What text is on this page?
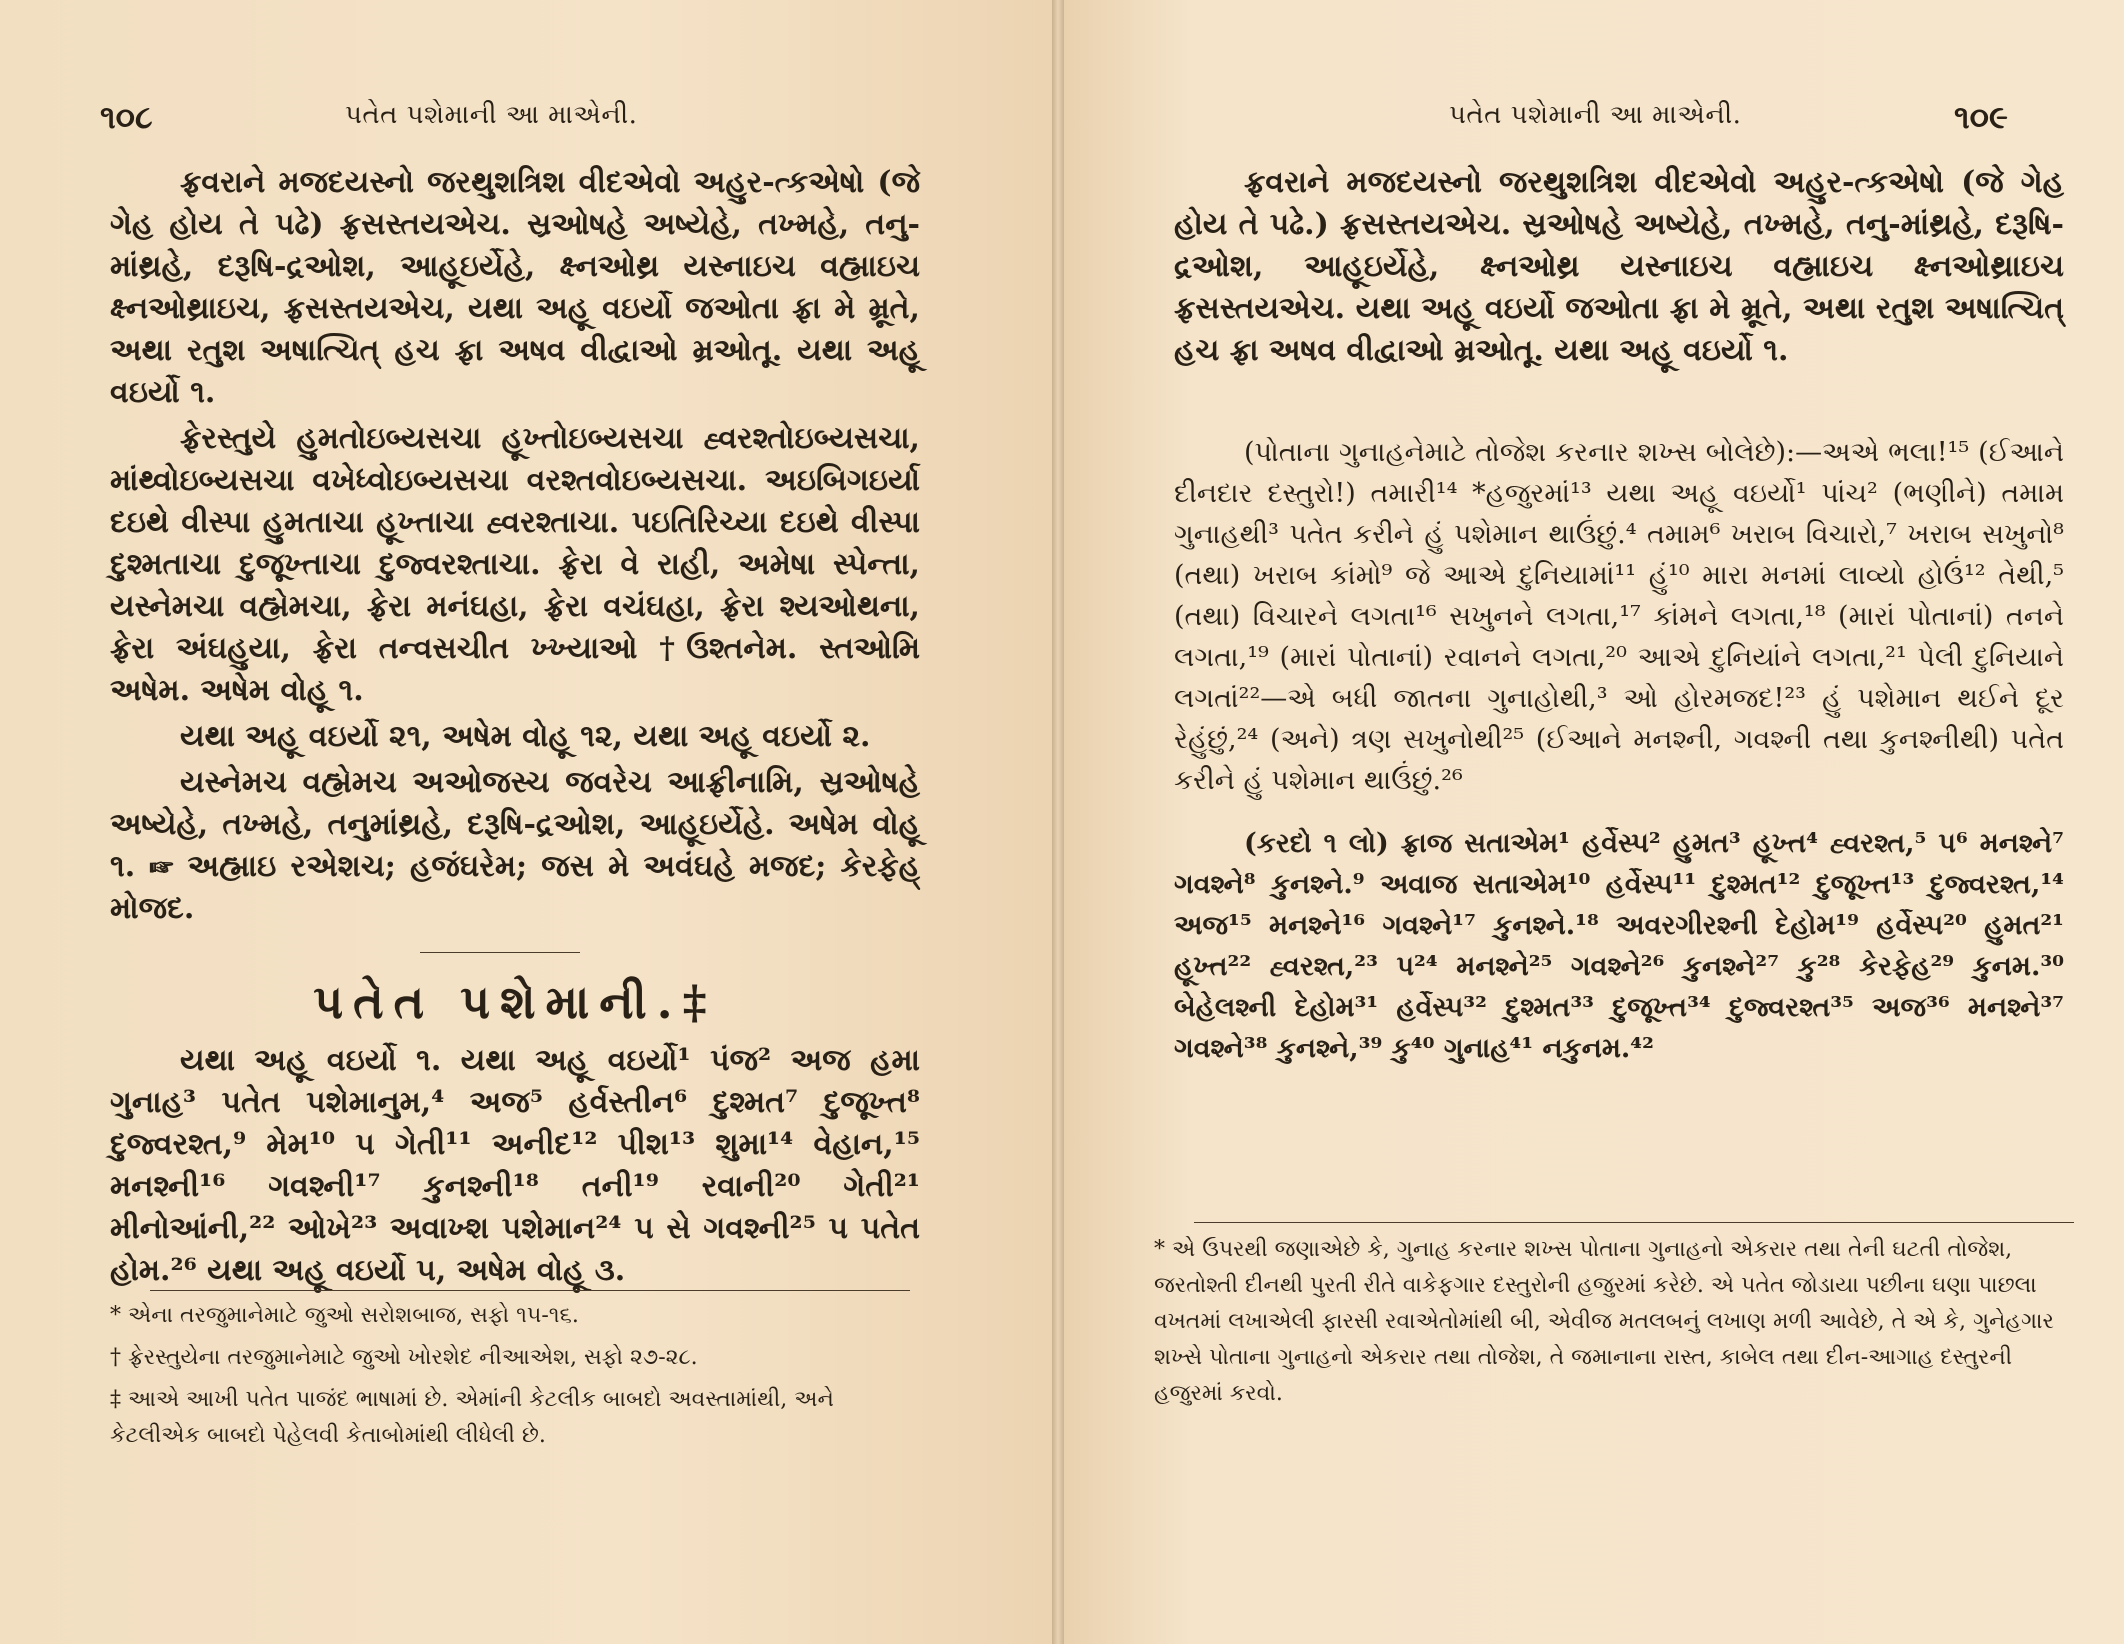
૧૦૮	પતેત પશેમાની આ માએની.

ફ્રવરાને મજદયસ્નો જરથુશત્રિશ વીદએવો અહુર-ત્કએષો (જે ગેહ હોય તે પઢે) ફ્રસસ્તયએચ. સ્રઓષહે અષ્યેહે, તખ્મહે, તનુ-માંથ્રહે, દરૂષિ-દ્રઓશ, આહૂઇર્યેહે, ક્ષ્નઓથ્ર યસ્નાઇચ વહ્માઇચ ક્ષ્નઓથ્રાઇચ, ફ્રસસ્તયએચ, યથા અહૂ વઇર્યો જઓતા ફ્રા મે મ્રૂતે, અથા રતુશ અષાત્ચિત્ હચ ફ્રા અષવ વીદ્વાઓ મ્રઓતૂ. યથા અહૂ વઇર્યો ૧.

ફ્રેરસ્તુયે હુમતોઇબ્યસચા હૂખ્તોઇબ્યસચા હ્વરશ્તોઇબ્યસચા, માંથ્વોઇબ્યસચા વખેધ્વોઇબ્યસચા વરશ્તવોઇબ્યસચા. અઇબિગઇર્યા દઇથે વીસ્પા હુમતાચા હૂખ્તાચા હ્વરશ્તાચા. પઇતિરિચ્યા દઇથે વીસ્પા દુશ્મતાચા દુજૂખ્તાચા દુજ્વરશ્તાચા. ફ્રેરા વે રાહી, અમેષા સ્પેન્તા, યસ્નેમચા વહ્મેમચા, ફ્રેરા મનંઘહા, ફ્રેરા વચંઘહા, ફ્રેરા શ્યઓથના, ફ્રેરા અંઘહુયા, ફ્રેરા તન્વસચીત ખ્ખ્યાઓ †ઉશ્તનેમ. સ્તઓમિ અષેમ. અષેમ વોહૂ ૧.

યથા અહૂ વઇર્યો ૨૧, અષેમ વોહૂ ૧૨, યથા અહૂ વઇર્યો ૨.

યસ્નેમચ વહ્મેમચ અઓજસ્ચ જવરેચ આફ્રીનામિ, સ્રઓષહે અષ્યેહે, તખ્મહે, તનુમાંથ્રહે, દરૂષિ-દ્રઓશ, આહૂઇર્યેહે. અષેમ વોહૂ ૧. ☞ અહ્માઇ રએશચ; હજંઘરેમ; જસ મે અવંઘહે મજદ; કેરફેહ્ મોજદ.

પતેત પશેમાની.‡

યથા અહૂ વઇર્યો ૧. યથા અહૂ વઇર્યો¹ પંજ² અજ હમા ગુનાહ³ પતેત પશેમાનુમ,⁴ અજ⁵ હર્વસ્તીન⁶ દુશ્મત⁷ દુજૂખ્ત⁸ દુજ્વરશ્ત,⁹ મેમ¹⁰ પ ગેતી¹¹ અનીદ¹² પીશ¹³ શુમા¹⁴ વેહાન,¹⁵ મનશ્ની¹⁶ ગવશ્ની¹⁷ કુનશ્ની¹⁸ તની¹⁹ રવાની²⁰ ગેતી²¹ મીનોઆંની,²² ઓખે²³ અવાખ્શ પશેમાન²⁴ પ સે ગવશ્ની²⁵ પ પતેત હોમ.²⁶ યથા અહૂ વઇર્યો ૫, અષેમ વોહૂ ૩.

* એના તરજુમાનેમાટે જુઓ સરોશબાજ, સફો ૧૫-૧૬.

† ફ્રેરસ્તુયેના તરજુમાનેમાટે જુઓ ખોરશેદ નીઆએશ, સફો ૨૭-૨૮.

‡ આએ આખી પતેત પાજંદ ભાષામાં છે. એમાંની કેટલીક બાબદો અવસ્તામાંથી, અને કેટલીએક બાબદો પેહેલવી કેતાબોમાંથી લીધેલી છે.

પતેત પશેમાની આ માએની.	૧૦૯

ફ્રવરાને મજદયસ્નો જરથુશત્રિશ વીદએવો અહુર-ત્કએષો (જે ગેહ હોય તે પઢે.) ફ્રસસ્તયએચ. સ્રઓષહે અષ્યેહે, તખ્મહે, તનુ-માંથ્રહે, દરૂષિ-દ્રઓશ, આહૂઇર્યેહે, ક્ષ્નઓથ્ર યસ્નાઇચ વહ્માઇચ ક્ષ્નઓથ્રાઇચ ફ્રસસ્તયએચ. યથા અહૂ વઇર્યો જઓતા ફ્રા મે મ્રૂતે, અથા રતુશ અષાત્ચિત્ હચ ફ્રા અષવ વીદ્વાઓ મ્રઓતૂ. યથા અહૂ વઇર્યો ૧.

(પોતાના ગુનાહનેમાટે તોજેશ કરનાર શખ્સ બોલેછે):—અએ ભલા!¹⁵ (ઈઆને દીનદાર દસ્તુરો!) તમારી¹⁴ *હજુરમાં¹³ યથા અહૂ વઇર્યો¹ પાંચ² (ભણીને) તમામ ગુનાહથી³ પતેત કરીને હું પશેમાન થાઉંછું.⁴ તમામ⁶ ખરાબ વિચારો,⁷ ખરાબ સખુનો⁸ (તથા) ખરાબ કાંમો⁹ જે આએ દુનિયામાં¹¹ હું¹⁰ મારા મનમાં લાવ્યો હોઉં¹² તેથી,⁵ (તથા) વિચારને લગતા¹⁶ સખુનને લગતા,¹⁷ કાંમને લગતા,¹⁸ (મારાં પોતાનાં) તનને લગતા,¹⁹ (મારાં પોતાનાં) રવાનને લગતા,²⁰ આએ દુનિયાંને લગતા,²¹ પેલી દુનિયાને લગતાં²²—એ બધી જાતના ગુનાહોથી,³ ઓ હોરમજદ!²³ હું પશેમાન થઈને દૂર રેહુંછું,²⁴ (અને) ત્રણ સખુનોથી²⁵ (ઈઆને મનશ્ની, ગવશ્ની તથા કુનશ્નીથી) પતેત કરીને હું પશેમાન થાઉંછું.²⁶

(કરદો ૧ લો) ફ્રાજ સતાએમ¹ હર્વેસ્પ² હુમત³ હૂખ્ત⁴ હ્વરશ્ત,⁵ પ⁶ મનશ્ને⁷ ગવશ્ને⁸ કુનશ્ને.⁹ અવાજ સતાએમ¹⁰ હર્વેસ્પ¹¹ દુશ્મત¹² દુજૂખ્ત¹³ દુજ્વરશ્ત,¹⁴ અજ¹⁵ મનશ્ને¹⁶ ગવશ્ને¹⁷ કુનશ્ને.¹⁸ અવરગીરશ્ની દેહોમ¹⁹ હર્વેસ્પ²⁰ હુમત²¹ હૂખ્ત²² હ્વરશ્ત,²³ પ²⁴ મનશ્ને²⁵ ગવશ્ને²⁶ કુનશ્ને²⁷ કુ²⁸ કેરફેહ²⁹ કુનમ.³⁰ બેહેલશ્ની દેહોમ³¹ હર્વેસ્પ³² દુશ્મત³³ દુજૂખ્ત³⁴ દુજ્વરશ્ત³⁵ અજ³⁶ મનશ્ને³⁷ ગવશ્ને³⁸ કુનશ્ને,³⁹ કુ⁴⁰ ગુનાહ⁴¹ નકુનમ.⁴²

* એ ઉપરથી જણાએછે કે, ગુનાહ કરનાર શખ્સ પોતાના ગુનાહનો એકરાર તથા તેની ઘટતી તોજેશ, જરતોશ્તી દીનથી પુરતી રીતે વાકેફગાર દસ્તુરોની હજુરમાં કરેછે. એ પતેત જોડાયા પછીના ઘણા પાછલા વખતમાં લખાએલી ફારસી રવાએતોમાંથી બી, એવીજ મતલબનું લખાણ મળી આવેછે, તે એ કે, ગુનેહગાર શખ્સે પોતાના ગુનાહનો એકરાર તથા તોજેશ, તે જમાનાના રાસ્ત, કાબેલ તથા દીન-આગાહ દસ્તુરની હજુરમાં કરવો.
